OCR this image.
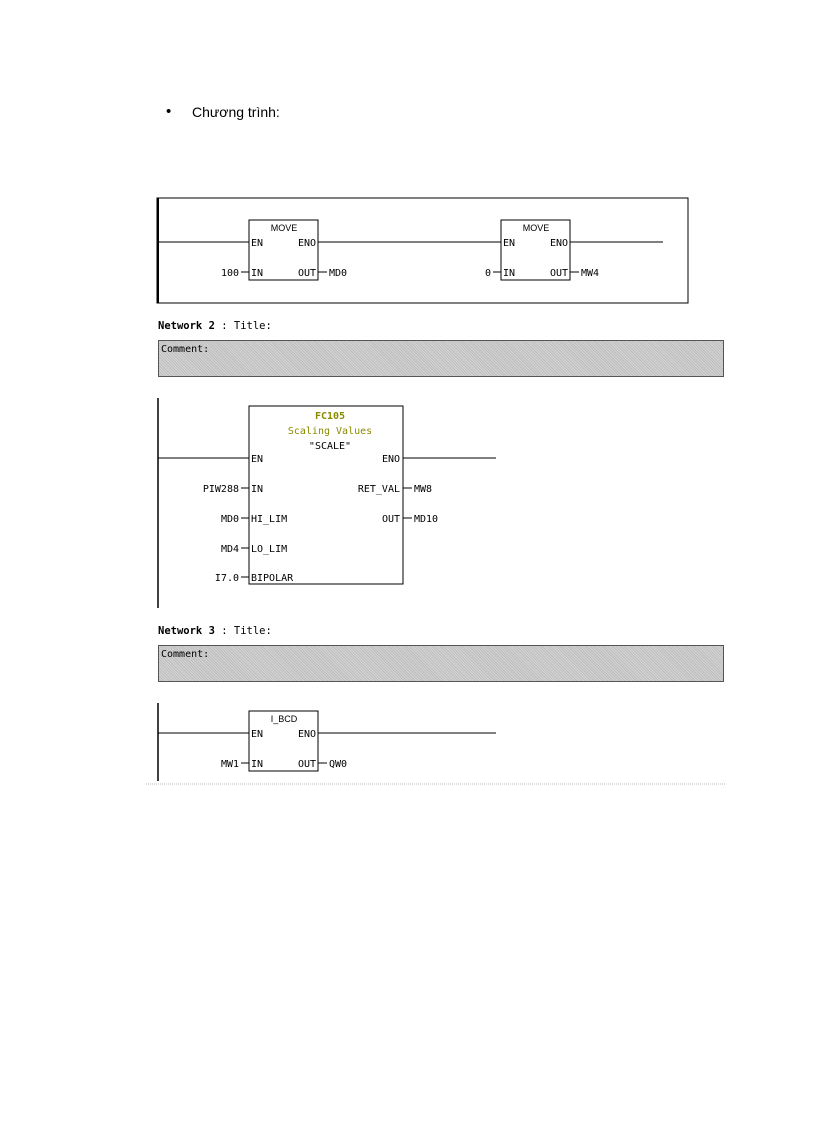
• Chương trình:
MOVE
EN	ENO
IN	OUT
100	MD0
MOVE
EN	ENO
IN	OUT
0	MW4
Network 2 : Title:
Comment:
FC105
Scaling Values
"SCALE"
EN	ENO
IN
PIW288
HI_LIM
MD0
LO_LIM
MD4
BIPOLAR
I7.0
RET_VAL MW8
OUT MD10
Network 3 : Title:
Comment:
I_BCD
EN	ENO
IN	OUT
MW1	QW0
